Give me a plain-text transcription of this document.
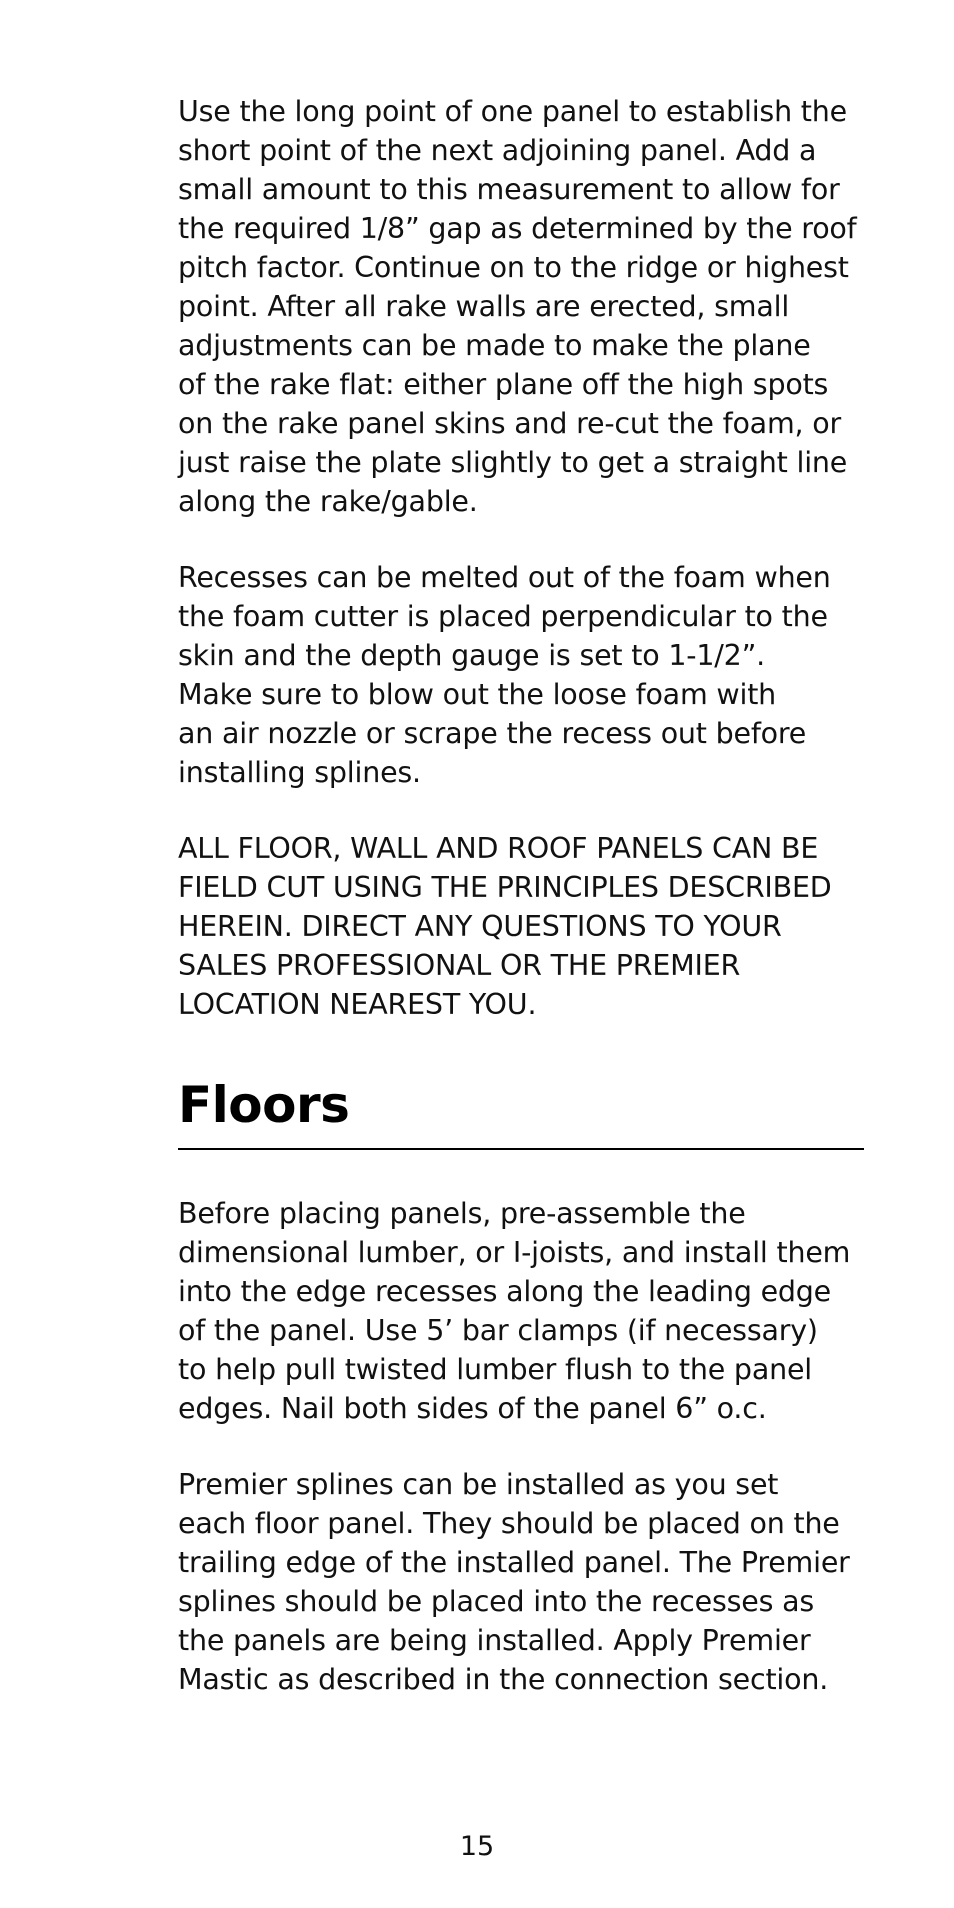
Use the long point of one panel to establish the
short point of the next adjoining panel. Add a
small amount to this measurement to allow for
the required 1/8” gap as determined by the roof
pitch factor. Continue on to the ridge or highest
point. After all rake walls are erected, small
adjustments can be made to make the plane
of the rake flat: either plane off the high spots
on the rake panel skins and re-cut the foam, or
just raise the plate slightly to get a straight line
along the rake/gable.
Recesses can be melted out of the foam when
the foam cutter is placed perpendicular to the
skin and the depth gauge is set to 1-1/2”.
Make sure to blow out the loose foam with
an air nozzle or scrape the recess out before
installing splines.
ALL FLOOR, WALL AND ROOF PANELS CAN BE
FIELD CUT USING THE PRINCIPLES DESCRIBED
HEREIN. DIRECT ANY QUESTIONS TO YOUR
SALES PROFESSIONAL OR THE PREMIER
LOCATION NEAREST YOU.
Floors
Before placing panels, pre-assemble the
dimensional lumber, or I-joists, and install them
into the edge recesses along the leading edge
of the panel. Use 5’ bar clamps (if necessary)
to help pull twisted lumber flush to the panel
edges. Nail both sides of the panel 6” o.c.
Premier splines can be installed as you set
each floor panel. They should be placed on the
trailing edge of the installed panel. The Premier
splines should be placed into the recesses as
the panels are being installed. Apply Premier
Mastic as described in the connection section.
15
